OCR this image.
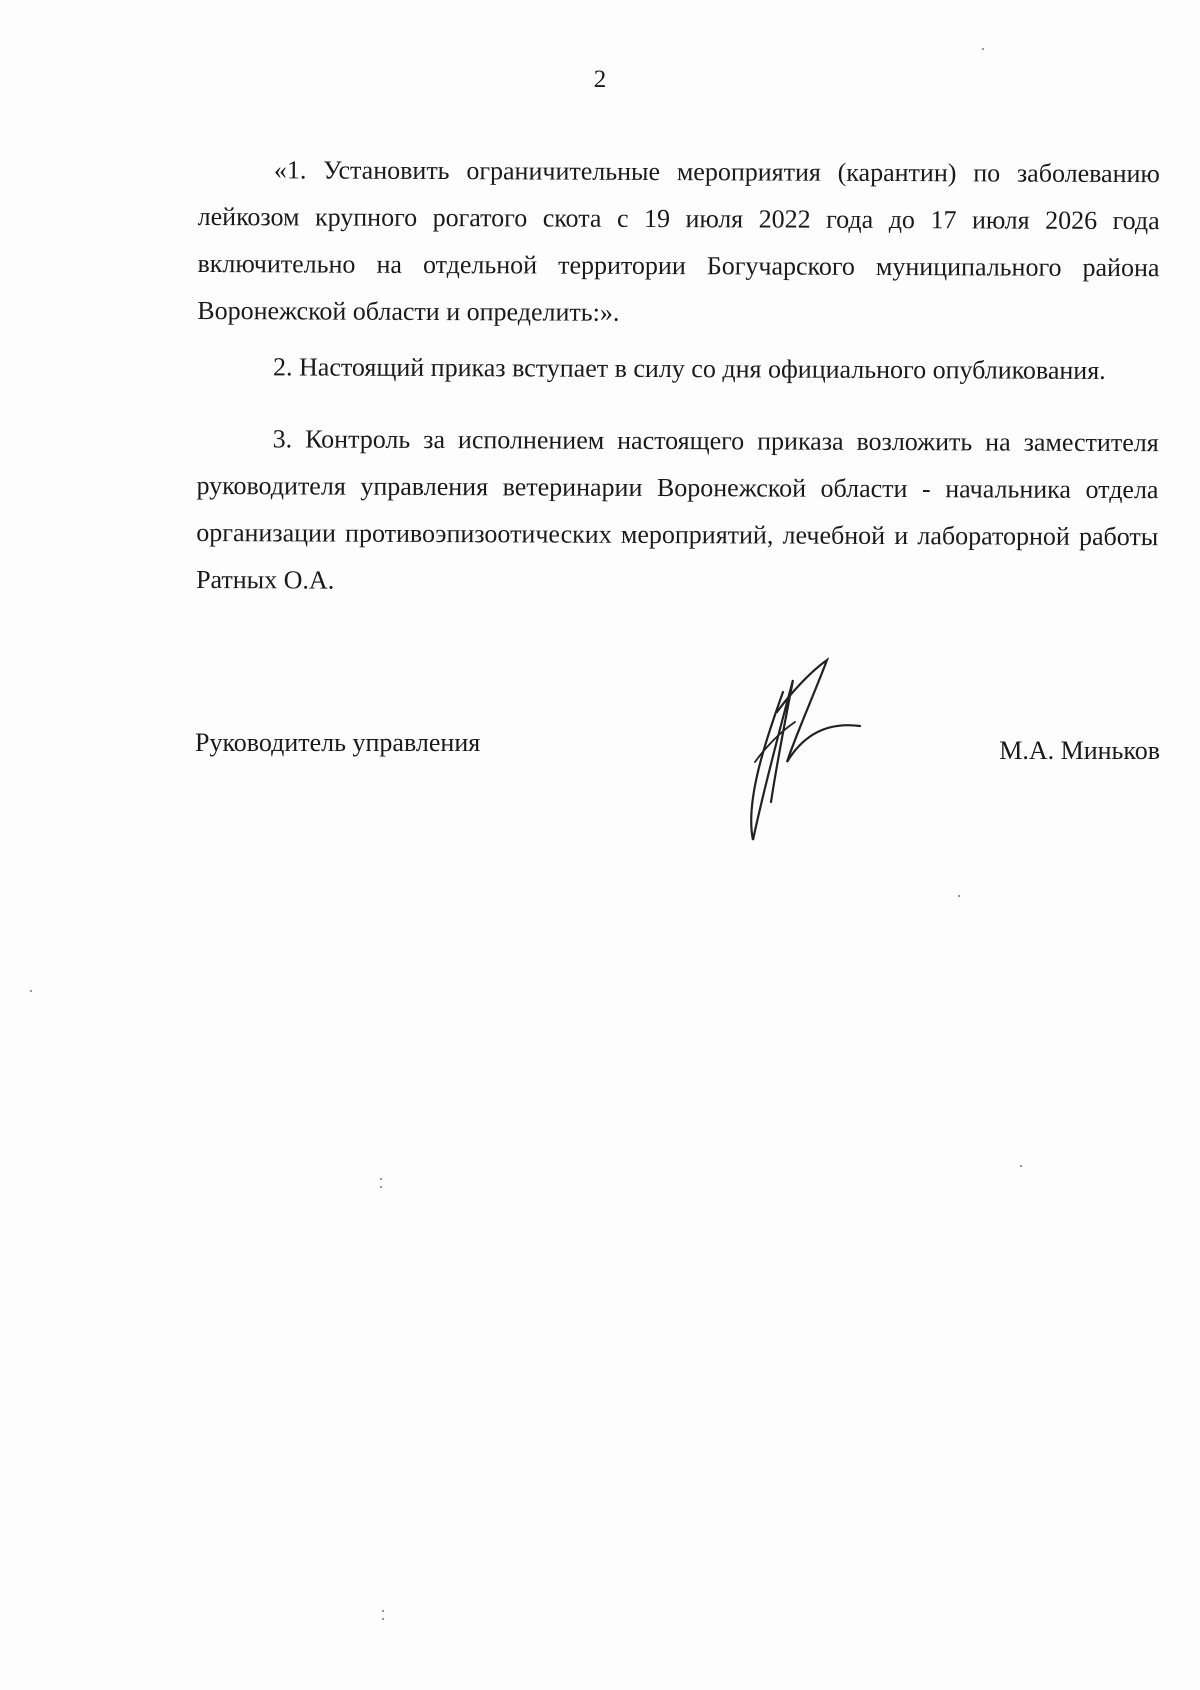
2

«1. Установить ограничительные мероприятия (карантин) по заболеванию лейкозом крупного рогатого скота с 19 июля 2022 года до 17 июля 2026 года включительно на отдельной территории Богучарского муниципального района Воронежской области и определить:».

2. Настоящий приказ вступает в силу со дня официального опубликования.

3. Контроль за исполнением настоящего приказа возложить на заместителя руководителя управления ветеринарии Воронежской области - начальника отдела организации противоэпизоотических мероприятий, лечебной и лабораторной работы Ратных О.А.

Руководитель управления	М.А. Миньков
